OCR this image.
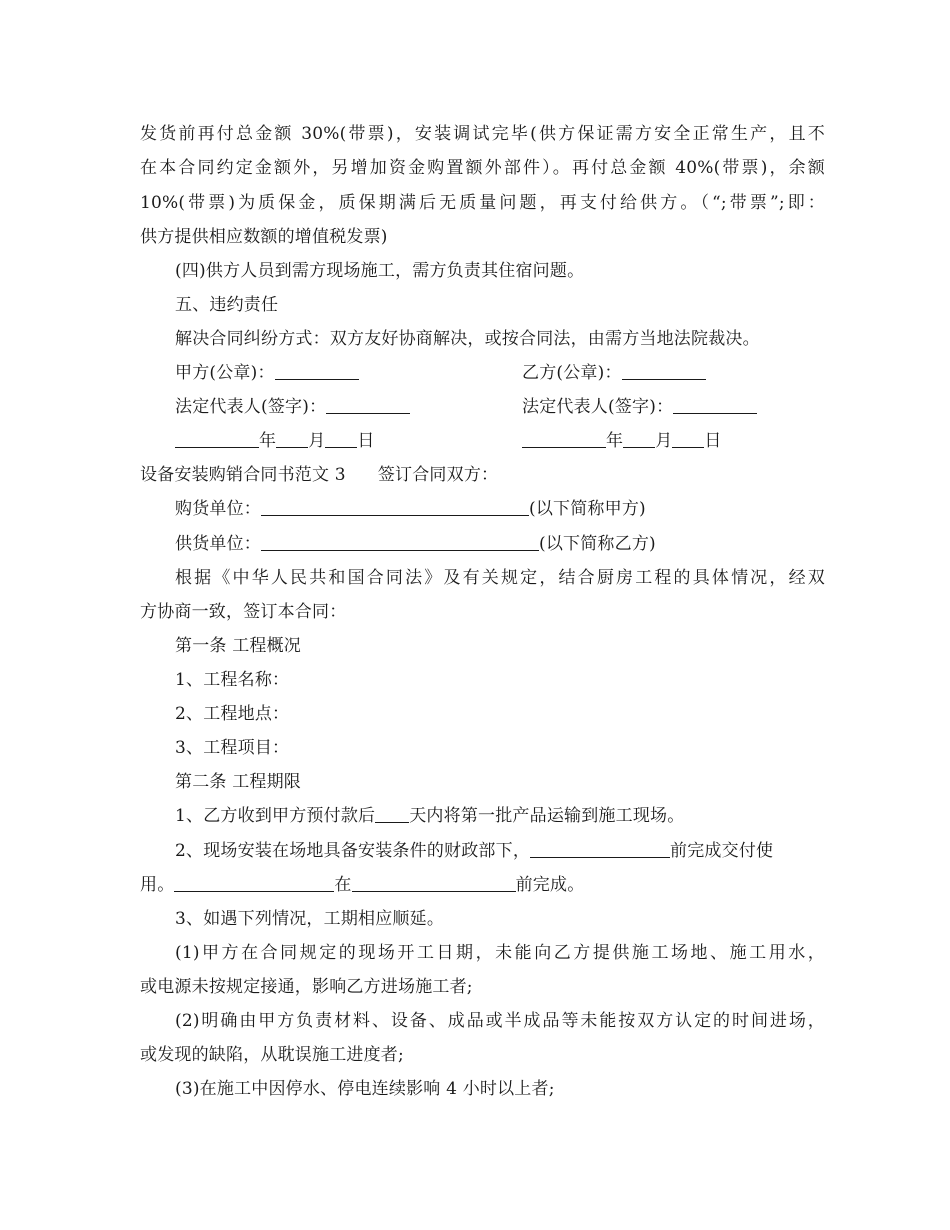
发货前再付总金额 30%(带票)，安装调试完毕(供方保证需方安全正常生产，且不
在本合同约定金额外，另增加资金购置额外部件）。再付总金额 40%(带票)，余额
10%(带票)为质保金，质保期满后无质量问题，再支付给供方。（“;带票”;即：
供方提供相应数额的增值税发票)
(四)供方人员到需方现场施工，需方负责其住宿问题。
五、违约责任
解决合同纠纷方式：双方友好协商解决，或按合同法，由需方当地法院裁决。
甲方(公章)：	乙方(公章)：
法定代表人(签字)：	法定代表人(签字)：
年 月 日	年 月 日
设备安装购销合同书范文 3 签订合同双方：
购货单位：	(以下简称甲方)
供货单位：	(以下简称乙方)
根据《中华人民共和国合同法》及有关规定，结合厨房工程的具体情况，经双
方协商一致，签订本合同：
第一条 工程概况
1、工程名称：
2、工程地点：
3、工程项目：
第二条 工程期限
1、乙方收到甲方预付款后 天内将第一批产品运输到施工现场。
2、现场安装在场地具备安装条件的财政部下，	前完成交付使
用。	在	前完成。
3、如遇下列情况，工期相应顺延。
(1)甲方在合同规定的现场开工日期，未能向乙方提供施工场地、施工用水，
或电源未按规定接通，影响乙方进场施工者;
(2)明确由甲方负责材料、设备、成品或半成品等未能按双方认定的时间进场，
或发现的缺陷，从耽误施工进度者;
(3)在施工中因停水、停电连续影响 4 小时以上者;
